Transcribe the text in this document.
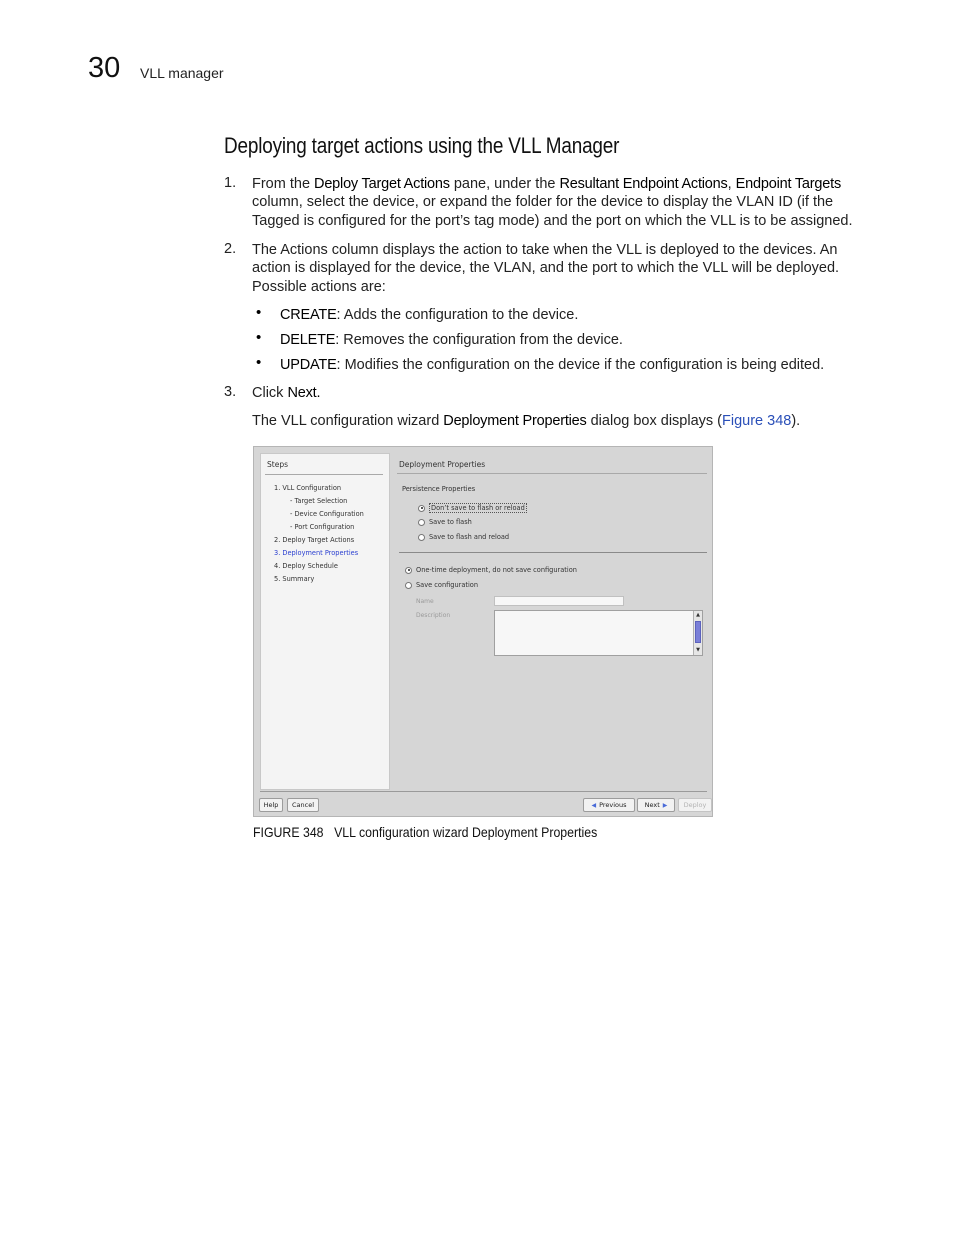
30 VLL manager
Deploying target actions using the VLL Manager
1. From the Deploy Target Actions pane, under the Resultant Endpoint Actions, Endpoint Targets column, select the device, or expand the folder for the device to display the VLAN ID (if the Tagged is configured for the port’s tag mode) and the port on which the VLL is to be assigned.
2. The Actions column displays the action to take when the VLL is deployed to the devices. An action is displayed for the device, the VLAN, and the port to which the VLL will be deployed. Possible actions are:
• CREATE: Adds the configuration to the device.
• DELETE: Removes the configuration from the device.
• UPDATE: Modifies the configuration on the device if the configuration is being edited.
3. Click Next.
The VLL configuration wizard Deployment Properties dialog box displays (Figure 348).
Steps
1. VLL Configuration
- Target Selection
- Device Configuration
- Port Configuration
2. Deploy Target Actions
3. Deployment Properties
4. Deploy Schedule
5. Summary
Deployment Properties
Persistence Properties
Don’t save to flash or reload
Save to flash
Save to flash and reload
One-time deployment, do not save configuration
Save configuration
Name
Description	▲
▼
Help Cancel	◀ Previous	Next ▶ Deploy
FIGURE 348 VLL configuration wizard Deployment Properties
